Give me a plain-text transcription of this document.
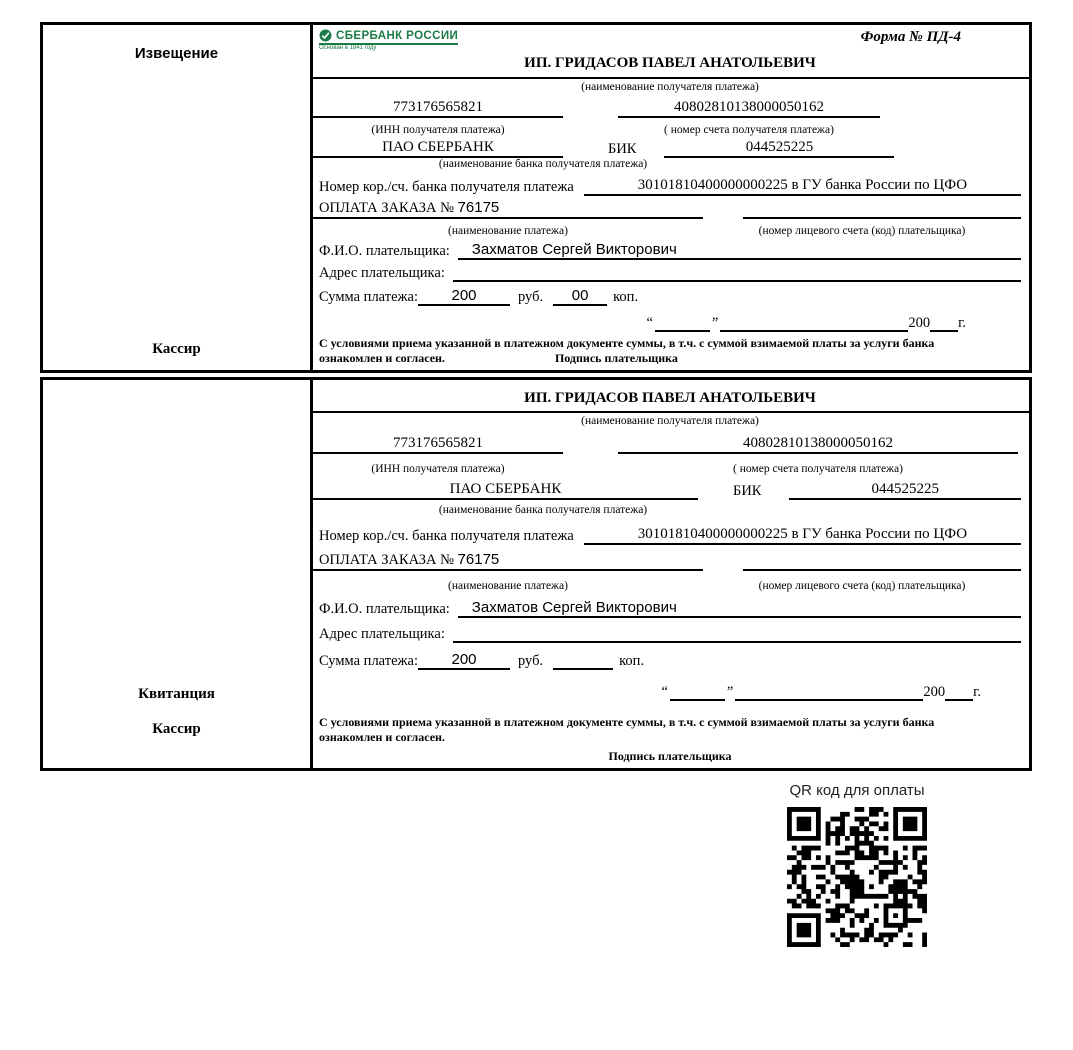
Извещение
Кассир
СБЕРБАНК РОССИИ
Основан в 1841 году
Форма № ПД-4
ИП. ГРИДАСОВ ПАВЕЛ АНАТОЛЬЕВИЧ
(наименование получателя платежа)
773176565821	40802810138000050162
(ИНН получателя платежа)	( номер счета получателя платежа)
ПАО СБЕРБАНК	БИК	044525225
(наименование банка получателя платежа)
Номер кор./сч. банка получателя платежа	30101810400000000225 в ГУ банка России по ЦФО
ОПЛАТА ЗАКАЗА № 76175
(наименование платежа)	(номер лицевого счета (код) плательщика)
Ф.И.О. плательщика:	Захматов Сергей Викторович
Адрес плательщика:
Сумма платежа:	200	руб.	00	коп.
“	”	200 г.
С условиями приема указанной в платежном документе суммы, в т.ч. с суммой взимаемой платы за услуги банка
ознакомлен и согласен.	Подпись плательщика
Квитанция
Кассир
ИП. ГРИДАСОВ ПАВЕЛ АНАТОЛЬЕВИЧ
(наименование получателя платежа)
773176565821	40802810138000050162
(ИНН получателя платежа)	( номер счета получателя платежа)
ПАО СБЕРБАНК	БИК	044525225
(наименование банка получателя платежа)
Номер кор./сч. банка получателя платежа	30101810400000000225 в ГУ банка России по ЦФО
ОПЛАТА ЗАКАЗА № 76175
(наименование платежа)	(номер лицевого счета (код) плательщика)
Ф.И.О. плательщика:	Захматов Сергей Викторович
Адрес плательщика:
Сумма платежа:	200	руб.	коп.
“	”	200 г.
С условиями приема указанной в платежном документе суммы, в т.ч. с суммой взимаемой платы за услуги банка
ознакомлен и согласен.
Подпись плательщика
QR код для оплаты
